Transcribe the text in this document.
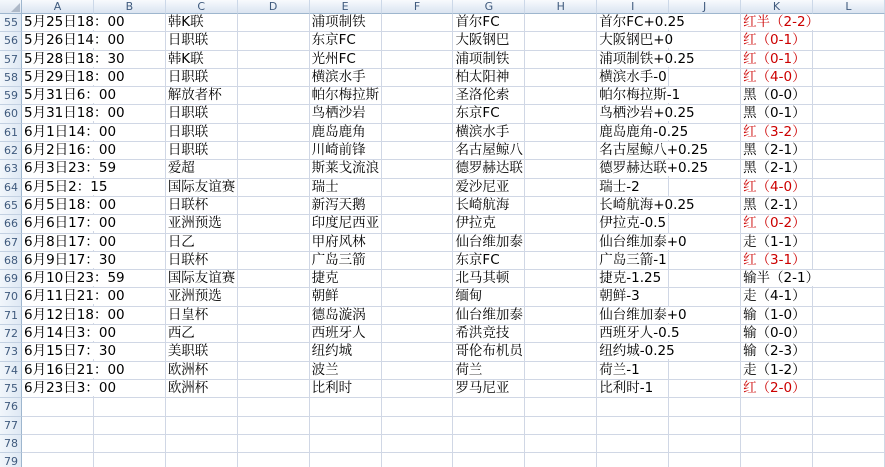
A	B	C	D	E	F	G	H	I	J	K	L
55 5月25日18：00	韩K联	浦项制铁	首尔FC	首尔FC+0.25	红半（2-2）
56 5月26日14：00	日职联	东京FC	大阪钢巴	大阪钢巴+0	红（0-1）
57 5月28日18：30	韩K联	光州FC	浦项制铁	浦项制铁+0.25	红（0-1）
58 5月29日18：00	日职联	横滨水手	柏太阳神	横滨水手-0	红（4-0）
59 5月31日6：00	解放者杯	帕尔梅拉斯	圣洛伦索	帕尔梅拉斯-1	黑（0-0）
60 5月31日18：00	日职联	鸟栖沙岩	东京FC	鸟栖沙岩+0.25	黑（0-1）
61 6月1日14：00	日职联	鹿岛鹿角	横滨水手	鹿岛鹿角-0.25	红（3-2）
62 6月2日16：00	日职联	川崎前锋	名古屋鲸八	名古屋鲸八+0.25	黑（2-1）
63 6月3日23：59	爱超	斯莱戈流浪	德罗赫达联	德罗赫达联+0.25	黑（2-1）
64 6月5日2：15	国际友谊赛	瑞士	爱沙尼亚	瑞士-2	红（4-0）
65 6月5日18：00	日联杯	新泻天鹅	长崎航海	长崎航海+0.25	黑（2-1）
66 6月6日17：00	亚洲预选	印度尼西亚	伊拉克	伊拉克-0.5	红（0-2）
67 6月8日17：00	日乙	甲府风林	仙台维加泰	仙台维加泰+0	走（1-1）
68 6月9日17：30	日联杯	广岛三箭	东京FC	广岛三箭-1	红（3-1）
69 6月10日23：59	国际友谊赛	捷克	北马其顿	捷克-1.25	输半（2-1）
70 6月11日21：00	亚洲预选	朝鲜	缅甸	朝鲜-3	走（4-1）
71 6月12日18：00	日皇杯	德岛漩涡	仙台维加泰	仙台维加泰+0	输（1-0）
72 6月14日3：00	西乙	西班牙人	希洪竞技	西班牙人-0.5	输（0-0）
73 6月15日7：30	美职联	纽约城	哥伦布机员	纽约城-0.25	输（2-3）
74 6月16日21：00	欧洲杯	波兰	荷兰	荷兰-1	走（1-2）
75 6月23日3：00	欧洲杯	比利时	罗马尼亚	比利时-1	红（2-0）
76
77
78
79
